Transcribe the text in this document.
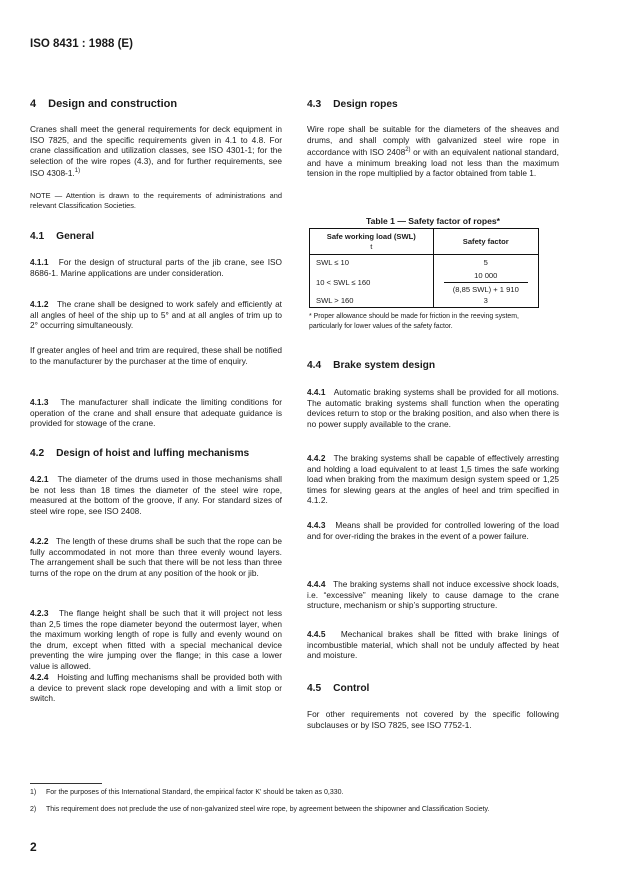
ISO 8431 : 1988 (E)
4 Design and construction
Cranes shall meet the general requirements for deck equipment in ISO 7825, and the specific requirements given in 4.1 to 4.8. For crane classification and utilization classes, see ISO 4301-1; for the selection of the wire ropes (4.3), and for further requirements, see ISO 4308-1.$^{1)}$
NOTE — Attention is drawn to the requirements of administrations and relevant Classification Societies.
4.1 General
4.1.1 For the design of structural parts of the jib crane, see ISO 8686-1. Marine applications are under consideration.
4.1.2 The crane shall be designed to work safely and efficiently at all angles of heel of the ship up to 5° and at all angles of trim up to 2° occurring simultaneously.
If greater angles of heel and trim are required, these shall be notified to the manufacturer by the purchaser at the time of enquiry.
4.1.3 The manufacturer shall indicate the limiting conditions for operation of the crane and shall ensure that adequate guidance is provided for stowage of the crane.
4.2 Design of hoist and luffing mechanisms
4.2.1 The diameter of the drums used in those mechanisms shall be not less than 18 times the diameter of the steel wire rope, measured at the bottom of the groove, if any. For standard sizes of steel wire rope, see ISO 2408.
4.2.2 The length of these drums shall be such that the rope can be fully accommodated in not more than three evenly wound layers. The arrangement shall be such that there will be not less than three turns of the rope on the drum at any position of the hook or jib.
4.2.3 The flange height shall be such that it will project not less than 2,5 times the rope diameter beyond the outermost layer, when the maximum working length of rope is fully and evenly wound on the drum, except when fitted with a special mechanical device preventing the wire jumping over the flange; in this case a lower value is allowed.
4.2.4 Hoisting and luffing mechanisms shall be provided both with a device to prevent slack rope developing and with a limit stop or switch.
4.3 Design ropes
Wire rope shall be suitable for the diameters of the sheaves and drums, and shall comply with galvanized steel wire rope in accordance with ISO 2408$^{2)}$ or with an equivalent national standard, and have a minimum breaking load not less than the maximum tension in the rope multiplied by a factor obtained from table 1.
Table 1 — Safety factor of ropes*
Safe working load (SWL)
t	Safety factor
SWL ≤ 10	5
10 < SWL ≤ 160	10 000
(8,85 SWL) + 1 910

SWL > 160	3
* Proper allowance should be made for friction in the reeving system, particularly for lower values of the safety factor.
4.4 Brake system design
4.4.1 Automatic braking systems shall be provided for all motions. The automatic braking systems shall function when the operating devices return to stop or the braking position, and also when there is no power supply available to the crane.
4.4.2 The braking systems shall be capable of effectively arresting and holding a load equivalent to at least 1,5 times the safe working load when braking from the maximum design system speed or 1,25 times for slewing gears at the angles of heel and trim specified in 4.1.2.
4.4.3 Means shall be provided for controlled lowering of the load and for over-riding the brakes in the event of a power failure.
4.4.4 The braking systems shall not induce excessive shock loads, i.e. “excessive” meaning likely to cause damage to the crane structure, mechanism or ship’s supporting structure.
4.4.5 Mechanical brakes shall be fitted with brake linings of incombustible material, which shall not be unduly affected by heat and moisture.
4.5 Control
For other requirements not covered by the specific following subclauses or by ISO 7825, see ISO 7752-1.
1) For the purposes of this International Standard, the empirical factor K' should be taken as 0,330.
2) This requirement does not preclude the use of non-galvanized steel wire rope, by agreement between the shipowner and Classification Society.
2
